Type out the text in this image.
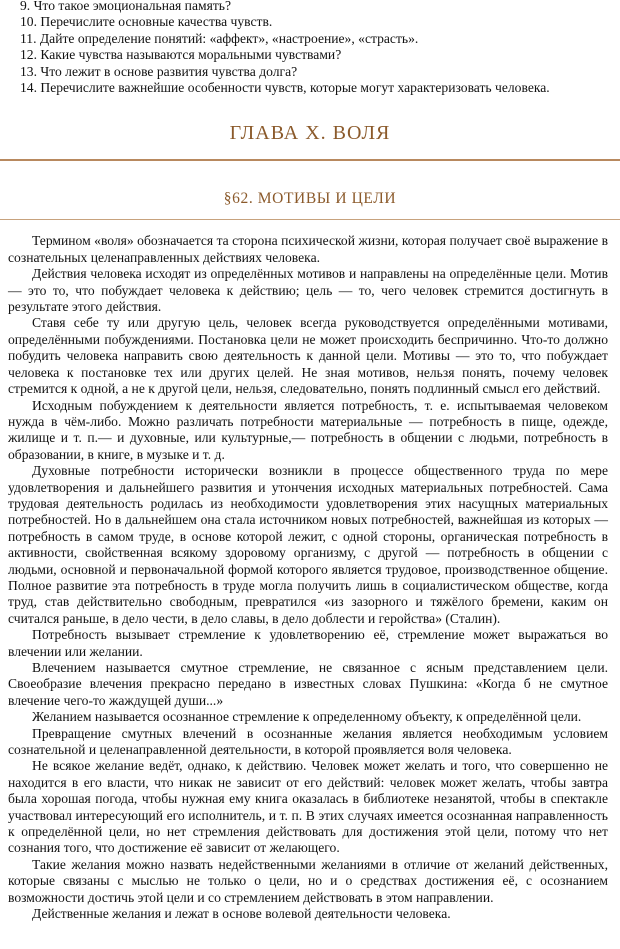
9. Что такое эмоциональная память?
10. Перечислите основные качества чувств.
11. Дайте определение понятий: «аффект», «настроение», «страсть».
12. Какие чувства называются моральными чувствами?
13. Что лежит в основе развития чувства долга?
14. Перечислите важнейшие особенности чувств, которые могут характеризовать человека.
ГЛАВА X. ВОЛЯ
§62. МОТИВЫ И ЦЕЛИ

Термином «воля» обозначается та сторона психической жизни, которая получает своё выражение в сознательных целенаправленных действиях человека.

Действия человека исходят из определённых мотивов и направлены на определённые цели. Мотив — это то, что побуждает человека к действию; цель — то, чего человек стремится достигнуть в результате этого действия.

Ставя себе ту или другую цель, человек всегда руководствуется определёнными мотивами, определёнными побуждениями. Постановка цели не может происходить беспричинно. Что-то должно побудить человека направить свою деятельность к данной цели. Мотивы — это то, что побуждает человека к постановке тех или других целей. Не зная мотивов, нельзя понять, почему человек стремится к одной, а не к другой цели, нельзя, следовательно, понять подлинный смысл его действий.

Исходным побуждением к деятельности является потребность, т. е. испытываемая человеком нужда в чём-либо. Можно различать потребности материальные — потребность в пище, одежде, жилище и т. п.— и духовные, или культурные,— потребность в общении с людьми, потребность в образовании, в книге, в музыке и т. д.

Духовные потребности исторически возникли в процессе общественного труда по мере удовлетворения и дальнейшего развития и утончения исходных материальных потребностей. Сама трудовая деятельность родилась из необходимости удовлетворения этих насущных материальных потребностей. Но в дальнейшем она стала источником новых потребностей, важнейшая из которых — потребность в самом труде, в основе которой лежит, с одной стороны, органическая потребность в активности, свойственная всякому здоровому организму, с другой — потребность в общении с людьми, основной и первоначальной формой которого является трудовое, производственное общение. Полное развитие эта потребность в труде могла получить лишь в социалистическом обществе, когда труд, став действительно свободным, превратился «из зазорного и тяжёлого бремени, каким он считался раньше, в дело чести, в дело славы, в дело доблести и геройства» (Сталин).

Потребность вызывает стремление к удовлетворению её, стремление может выражаться во влечении или желании.

Влечением называется смутное стремление, не связанное с ясным представлением цели. Своеобразие влечения прекрасно передано в известных словах Пушкина: «Когда б не смутное влечение чего-то жаждущей души...»

Желанием называется осознанное стремление к определенному объекту, к определённой цели.

Превращение смутных влечений в осознанные желания является необходимым условием сознательной и целенаправленной деятельности, в которой проявляется воля человека.

Не всякое желание ведёт, однако, к действию. Человек может желать и того, что совершенно не находится в его власти, что никак не зависит от его действий: человек может желать, чтобы завтра была хорошая погода, чтобы нужная ему книга оказалась в библиотеке незанятой, чтобы в спектакле участвовал интересующий его исполнитель, и т. п. В этих случаях имеется осознанная направленность к определённой цели, но нет стремления действовать для достижения этой цели, потому что нет сознания того, что достижение её зависит от желающего.

Такие желания можно назвать недейственными желаниями в отличие от желаний действенных, которые связаны с мыслью не только о цели, но и о средствах достижения её, с осознанием возможности достичь этой цели и со стремлением действовать в этом направлении.

Действенные желания и лежат в основе волевой деятельности человека.
